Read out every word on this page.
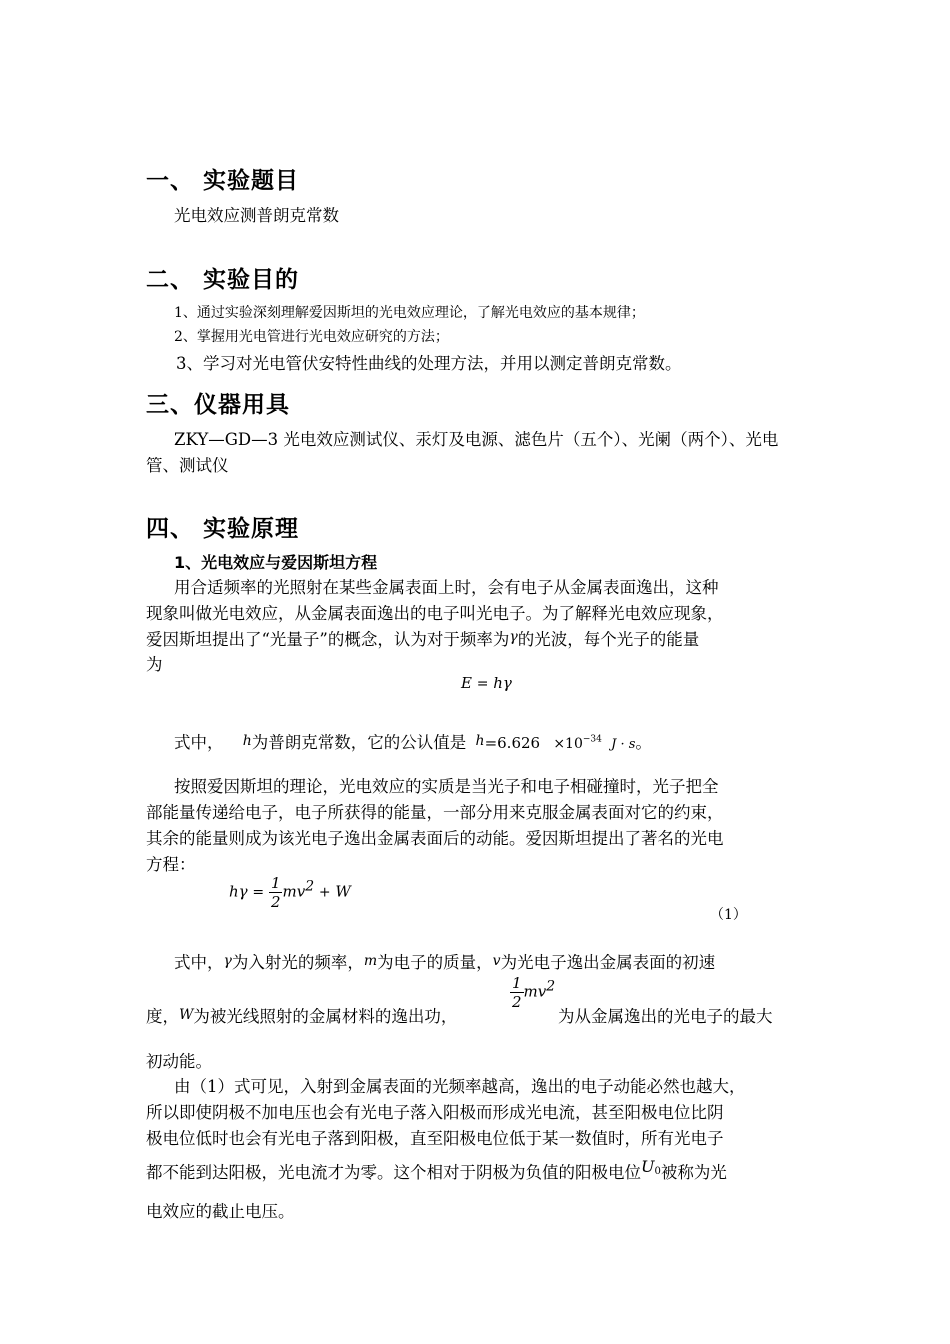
一、 实验题目
光电效应测普朗克常数
二、 实验目的
1、通过实验深刻理解爱因斯坦的光电效应理论，了解光电效应的基本规律；
2、掌握用光电管进行光电效应研究的方法；
3、学习对光电管伏安特性曲线的处理方法，并用以测定普朗克常数。
三、仪器用具
ZKY—GD—3 光电效应测试仪、汞灯及电源、滤色片（五个）、光阑（两个）、光电
管、测试仪
四、 实验原理
1、光电效应与爱因斯坦方程
用合适频率的光照射在某些金属表面上时，会有电子从金属表面逸出，这种
现象叫做光电效应，从金属表面逸出的电子叫光电子。为了解释光电效应现象，
爱因斯坦提出了“光量子”的概念，认为对于频率为$^\gamma$的光波，每个光子的能量
为
E = hγ
式中， h为普朗克常数，它的公认值是 $h=6.626 \times 10^{-34}$ J · s。
按照爱因斯坦的理论，光电效应的实质是当光子和电子相碰撞时，光子把全
部能量传递给电子，电子所获得的能量，一部分用来克服金属表面对它的约束，
其余的能量则成为该光电子逸出金属表面后的动能。爱因斯坦提出了著名的光电
方程：
$h\gamma = \frac{1}{2} mv^2 + W$
（1）
式中，γ为入射光的频率，m为电子的质量，v为光电子逸出金属表面的初速
度，W为被光线照射的金属材料的逸出功，
$\frac{1}{2} mv^2$
为从金属逸出的光电子的最大
初动能。
由（1）式可见，入射到金属表面的光频率越高，逸出的电子动能必然也越大，
所以即使阴极不加电压也会有光电子落入阳极而形成光电流，甚至阳极电位比阴
极电位低时也会有光电子落到阳极，直至阳极电位低于某一数值时，所有光电子
都不能到达阳极，光电流才为零。这个相对于阴极为负值的阳极电位$U_0$被称为光
电效应的截止电压。
